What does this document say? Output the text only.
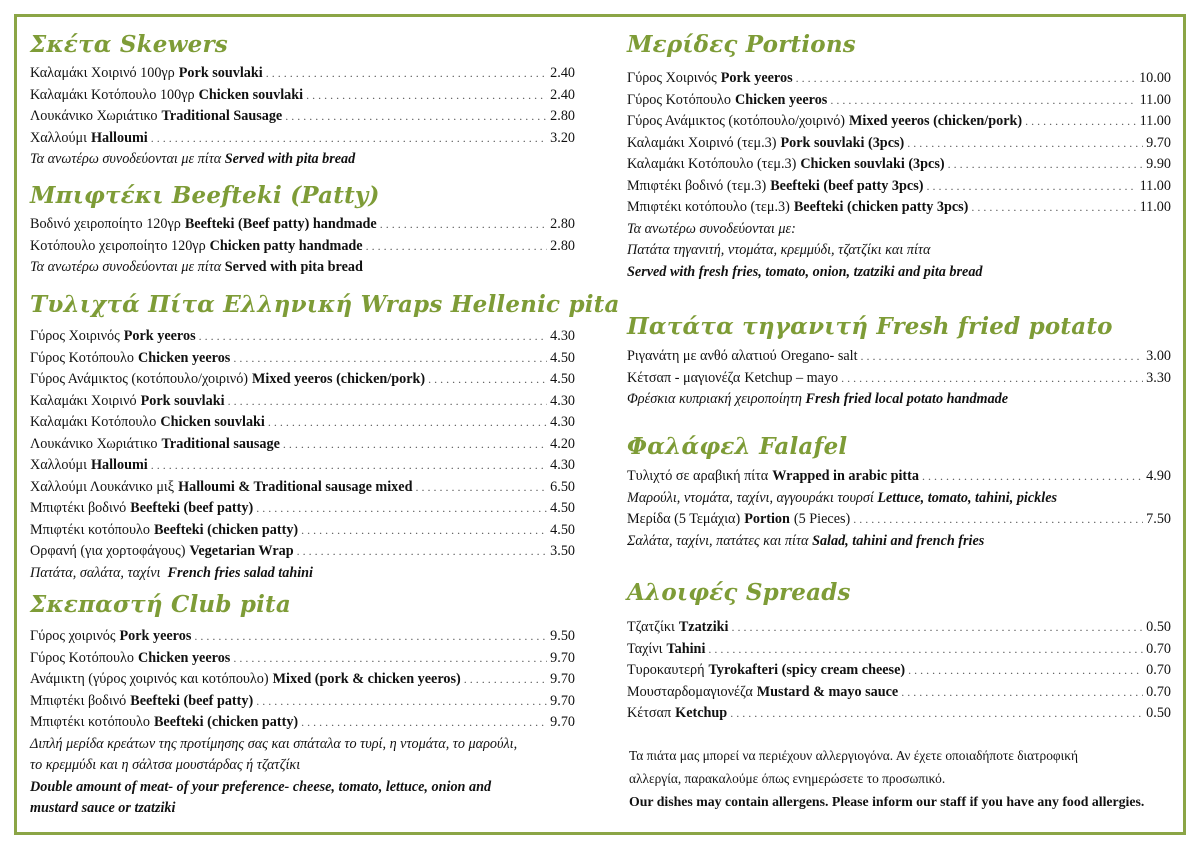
Σκέτα Skewers
Καλαμάκι Χοιρινό 100γρ Pork souvlaki . . .	2.40
Καλαμάκι Κοτόπουλο 100γρ Chicken souvlaki . . .	2.40
Λουκάνικο Χωριάτικο Traditional Sausage . . .	2.80
Χαλλούμι Halloumi . . .	3.20
Τα ανωτέρω συνοδεύονται με πίτα Served with pita bread
Μπιφτέκι Beefteki (Patty)
Βοδινό χειροποίητο 120γρ Beefteki (Beef patty) handmade . . .	2.80
Κοτόπουλο χειροποίητο 120γρ Chicken patty handmade . . .	2.80
Τα ανωτέρω συνοδεύονται με πίτα Served with pita bread
Τυλιχτά Πίτα Ελληνική Wraps Hellenic pita
Γύρος Χοιρινός Pork yeeros . . .	4.30
Γύρος Κοτόπουλο Chicken yeeros . . .	4.50
Γύρος Ανάμικτος (κοτόπουλο/χοιρινό) Mixed yeeros (chicken/pork) . . .	4.50
Καλαμάκι Χοιρινό Pork souvlaki . . .	4.30
Καλαμάκι Κοτόπουλο Chicken souvlaki . . .	4.30
Λουκάνικο Χωριάτικο Traditional sausage . . .	4.20
Χαλλούμι Halloumi . . .	4.30
Χαλλούμι Λουκάνικο μιξ Halloumi & Traditional sausage mixed . . .	6.50
Μπιφτέκι βοδινό Beefteki (beef patty) . . .	4.50
Μπιφτέκι κοτόπουλο Beefteki (chicken patty) . . .	4.50
Ορφανή (για χορτοφάγους) Vegetarian Wrap . . .	3.50
Πατάτα, σαλάτα, ταχίνι French fries salad tahini
Σκεπαστή Club pita
Γύρος χοιρινός Pork yeeros . . .	9.50
Γύρος Κοτόπουλο Chicken yeeros . . .	9.70
Ανάμικτη (γύρος χοιρινός και κοτόπουλο) Mixed (pork & chicken yeeros) . . .	9.70
Μπιφτέκι βοδινό Beefteki (beef patty) . . .	9.70
Μπιφτέκι κοτόπουλο Beefteki (chicken patty) . . .	9.70
Διπλή μερίδα κρεάτων της προτίμησης σας και σπάταλα το τυρί, η ντομάτα, το μαρούλι,
το κρεμμύδι και η σάλτσα μουστάρδας ή τζατζίκι
Double amount of meat- of your preference- cheese, tomato, lettuce, onion and
mustard sauce or tzatziki
Μερίδες Portions
Γύρος Χοιρινός Pork yeeros . . .	10.00
Γύρος Κοτόπουλο Chicken yeeros . . .	11.00
Γύρος Ανάμικτος (κοτόπουλο/χοιρινό) Mixed yeeros (chicken/pork) . . .	11.00
Καλαμάκι Χοιρινό (τεμ.3) Pork souvlaki (3pcs) . . .	9.70
Καλαμάκι Κοτόπουλο (τεμ.3) Chicken souvlaki (3pcs) . . .	9.90
Μπιφτέκι βοδινό (τεμ.3) Beefteki (beef patty 3pcs) . . .	11.00
Μπιφτέκι κοτόπουλο (τεμ.3) Beefteki (chicken patty 3pcs) . . .	11.00
Τα ανωτέρω συνοδεύονται με:
Πατάτα τηγανιτή, ντομάτα, κρεμμύδι, τζατζίκι και πίτα
Served with fresh fries, tomato, onion, tzatziki and pita bread
Πατάτα τηγανιτή Fresh fried potato
Ριγανάτη με ανθό αλατιού Oregano- salt . . .	3.00
Κέτσαπ - μαγιονέζα Ketchup – mayo . . .	3.30
Φρέσκια κυπριακή χειροποίητη Fresh fried local potato handmade
Φαλάφελ Falafel
Τυλιχτό σε αραβική πίτα Wrapped in arabic pitta . . .	4.90
Μαρούλι, ντομάτα, ταχίνι, αγγουράκι τουρσί Lettuce, tomato, tahini, pickles
Μερίδα (5 Τεμάχια) Portion (5 Pieces) . . .	7.50
Σαλάτα, ταχίνι, πατάτες και πίτα Salad, tahini and french fries
Αλοιφές Spreads
Τζατζίκι Tzatziki . . .	0.50
Ταχίνι Tahini . . .	0.70
Τυροκαυτερή Tyrokafteri (spicy cream cheese) . . .	0.70
Μουσταρδομαγιονέζα Mustard & mayo sauce . . .	0.70
Κέτσαπ Ketchup . . .	0.50
Τα πιάτα μας μπορεί να περιέχουν αλλεργιογόνα. Αν έχετε οποιαδήποτε διατροφική
αλλεργία, παρακαλούμε όπως ενημερώσετε το προσωπικό.
Our dishes may contain allergens. Please inform our staff if you have any food allergies.
